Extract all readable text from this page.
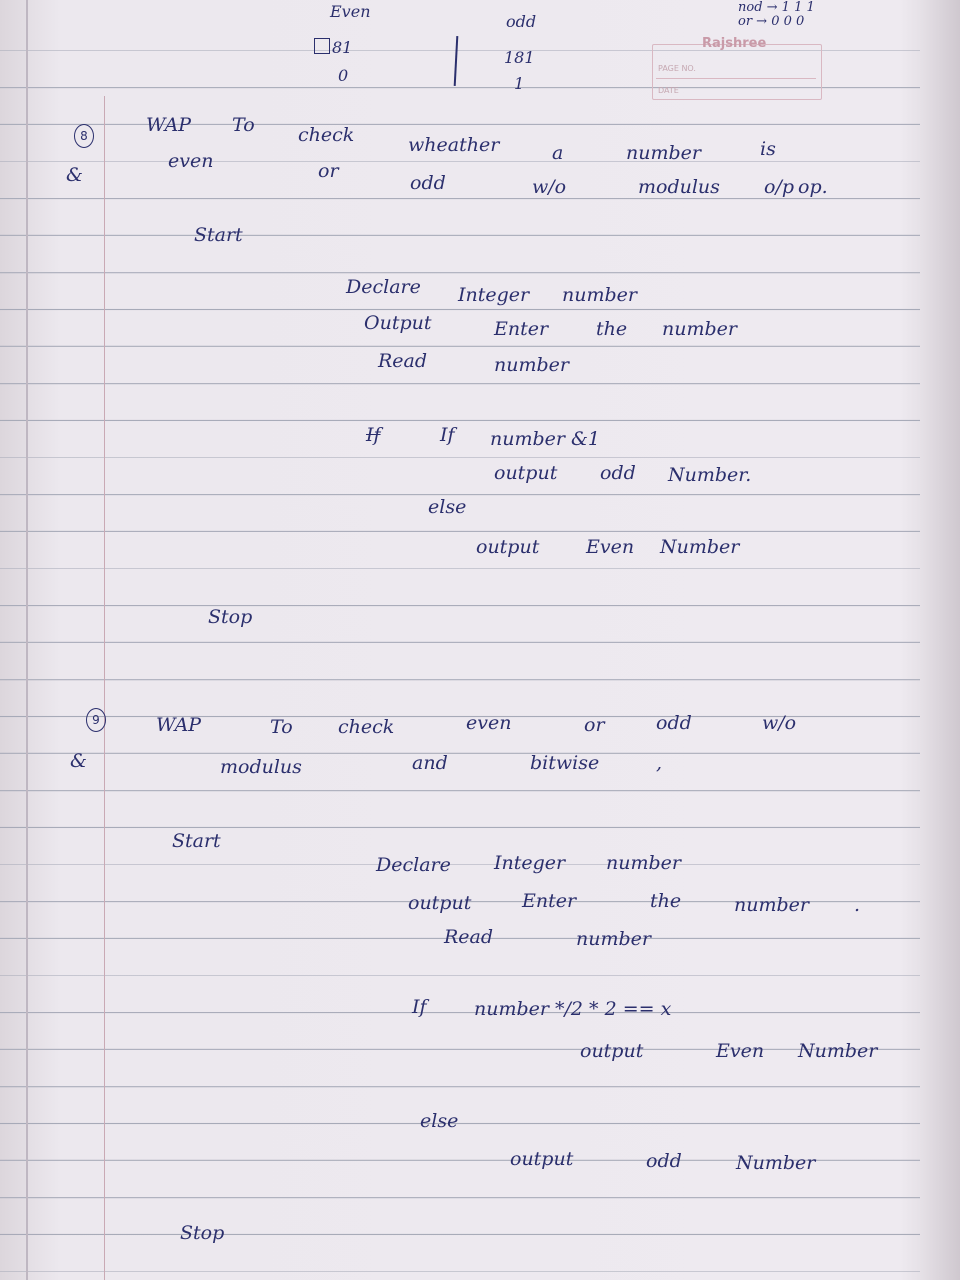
Rajshree
PAGE NO.
DATE
Even
81
0
odd
181
1
nod → 1 1 1
or → 0 0 0
8
&
WAP To check	wheather	a	number	is
even	or
odd	w/o	modulus o/p op.
Start
Declare Integer number
Output	Enter	the number
Read	number
If	If number &1
output odd Number.
else
output Even Number
Stop
9
&
WAP	To check	even	or	odd	w/o
modulus	and	bitwise	,
Start
Declare Integer number
output	Enter	the	number .
Read	number
If number */2 * 2 == x
output	Even Number
else
output	odd	Number
Stop
